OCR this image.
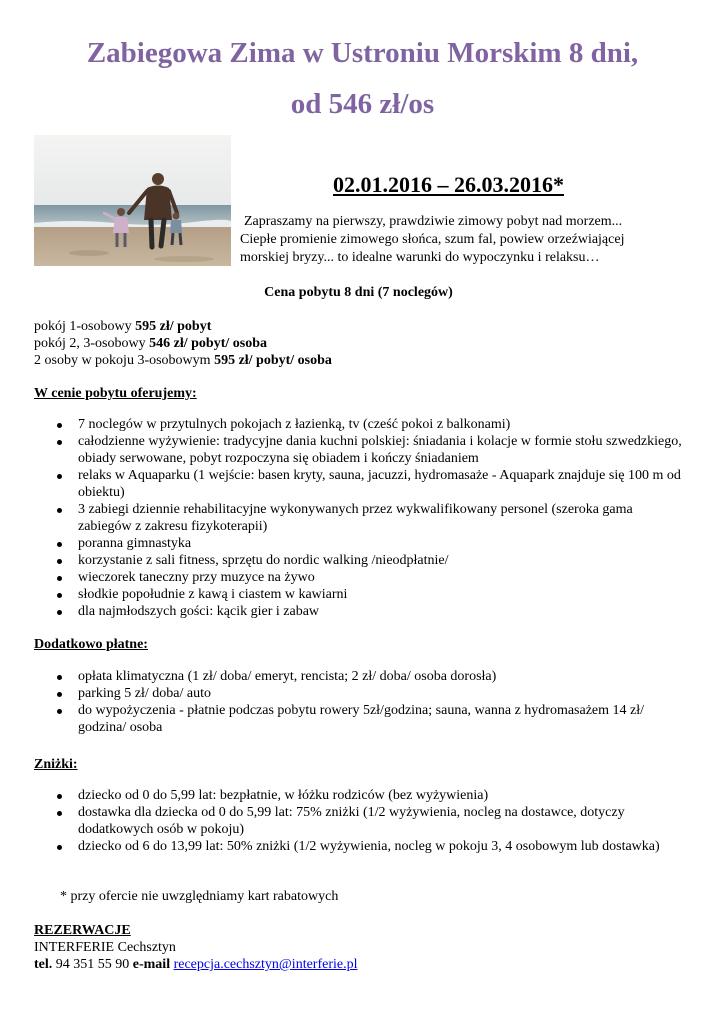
Zabiegowa Zima w Ustroniu Morskim 8 dni,
od 546 zł/os
02.01.2016 – 26.03.2016*
Zapraszamy na pierwszy, prawdziwie zimowy pobyt nad morzem...
Ciepłe promienie zimowego słońca, szum fal, powiew orzeźwiającej
morskiej bryzy... to idealne warunki do wypoczynku i relaksu…
Cena pobytu 8 dni (7 noclegów)
pokój 1-osobowy 595 zł/ pobyt
pokój 2, 3-osobowy 546 zł/ pobyt/ osoba
2 osoby w pokoju 3-osobowym 595 zł/ pobyt/ osoba
W cenie pobytu oferujemy:
7 noclegów w przytulnych pokojach z łazienką, tv (cześć pokoi z balkonami)
całodzienne wyżywienie: tradycyjne dania kuchni polskiej: śniadania i kolacje w formie stołu szwedzkiego, obiady serwowane, pobyt rozpoczyna się obiadem i kończy śniadaniem
relaks w Aquaparku (1 wejście: basen kryty, sauna, jacuzzi, hydromasaże - Aquapark znajduje się 100 m od obiektu)
3 zabiegi dziennie rehabilitacyjne wykonywanych przez wykwalifikowany personel (szeroka gama zabiegów z zakresu fizykoterapii)
poranna gimnastyka
korzystanie z sali fitness, sprzętu do nordic walking /nieodpłatnie/
wieczorek taneczny przy muzyce na żywo
słodkie popołudnie z kawą i ciastem w kawiarni
dla najmłodszych gości: kącik gier i zabaw
Dodatkowo płatne:
opłata klimatyczna (1 zł/ doba/ emeryt, rencista; 2 zł/ doba/ osoba dorosła)
parking 5 zł/ doba/ auto
do wypożyczenia - płatnie podczas pobytu rowery 5zł/godzina; sauna, wanna z hydromasażem 14 zł/ godzina/ osoba
Zniżki:
dziecko od 0 do 5,99 lat: bezpłatnie, w łóżku rodziców (bez wyżywienia)
dostawka dla dziecka od 0 do 5,99 lat: 75% zniżki (1/2 wyżywienia, nocleg na dostawce, dotyczy dodatkowych osób w pokoju)
dziecko od 6 do 13,99 lat: 50% zniżki (1/2 wyżywienia, nocleg w pokoju 3, 4 osobowym lub dostawka)
* przy ofercie nie uwzględniamy kart rabatowych
REZERWACJE
INTERFERIE Cechsztyn
tel. 94 351 55 90 e-mail recepcja.cechsztyn@interferie.pl
